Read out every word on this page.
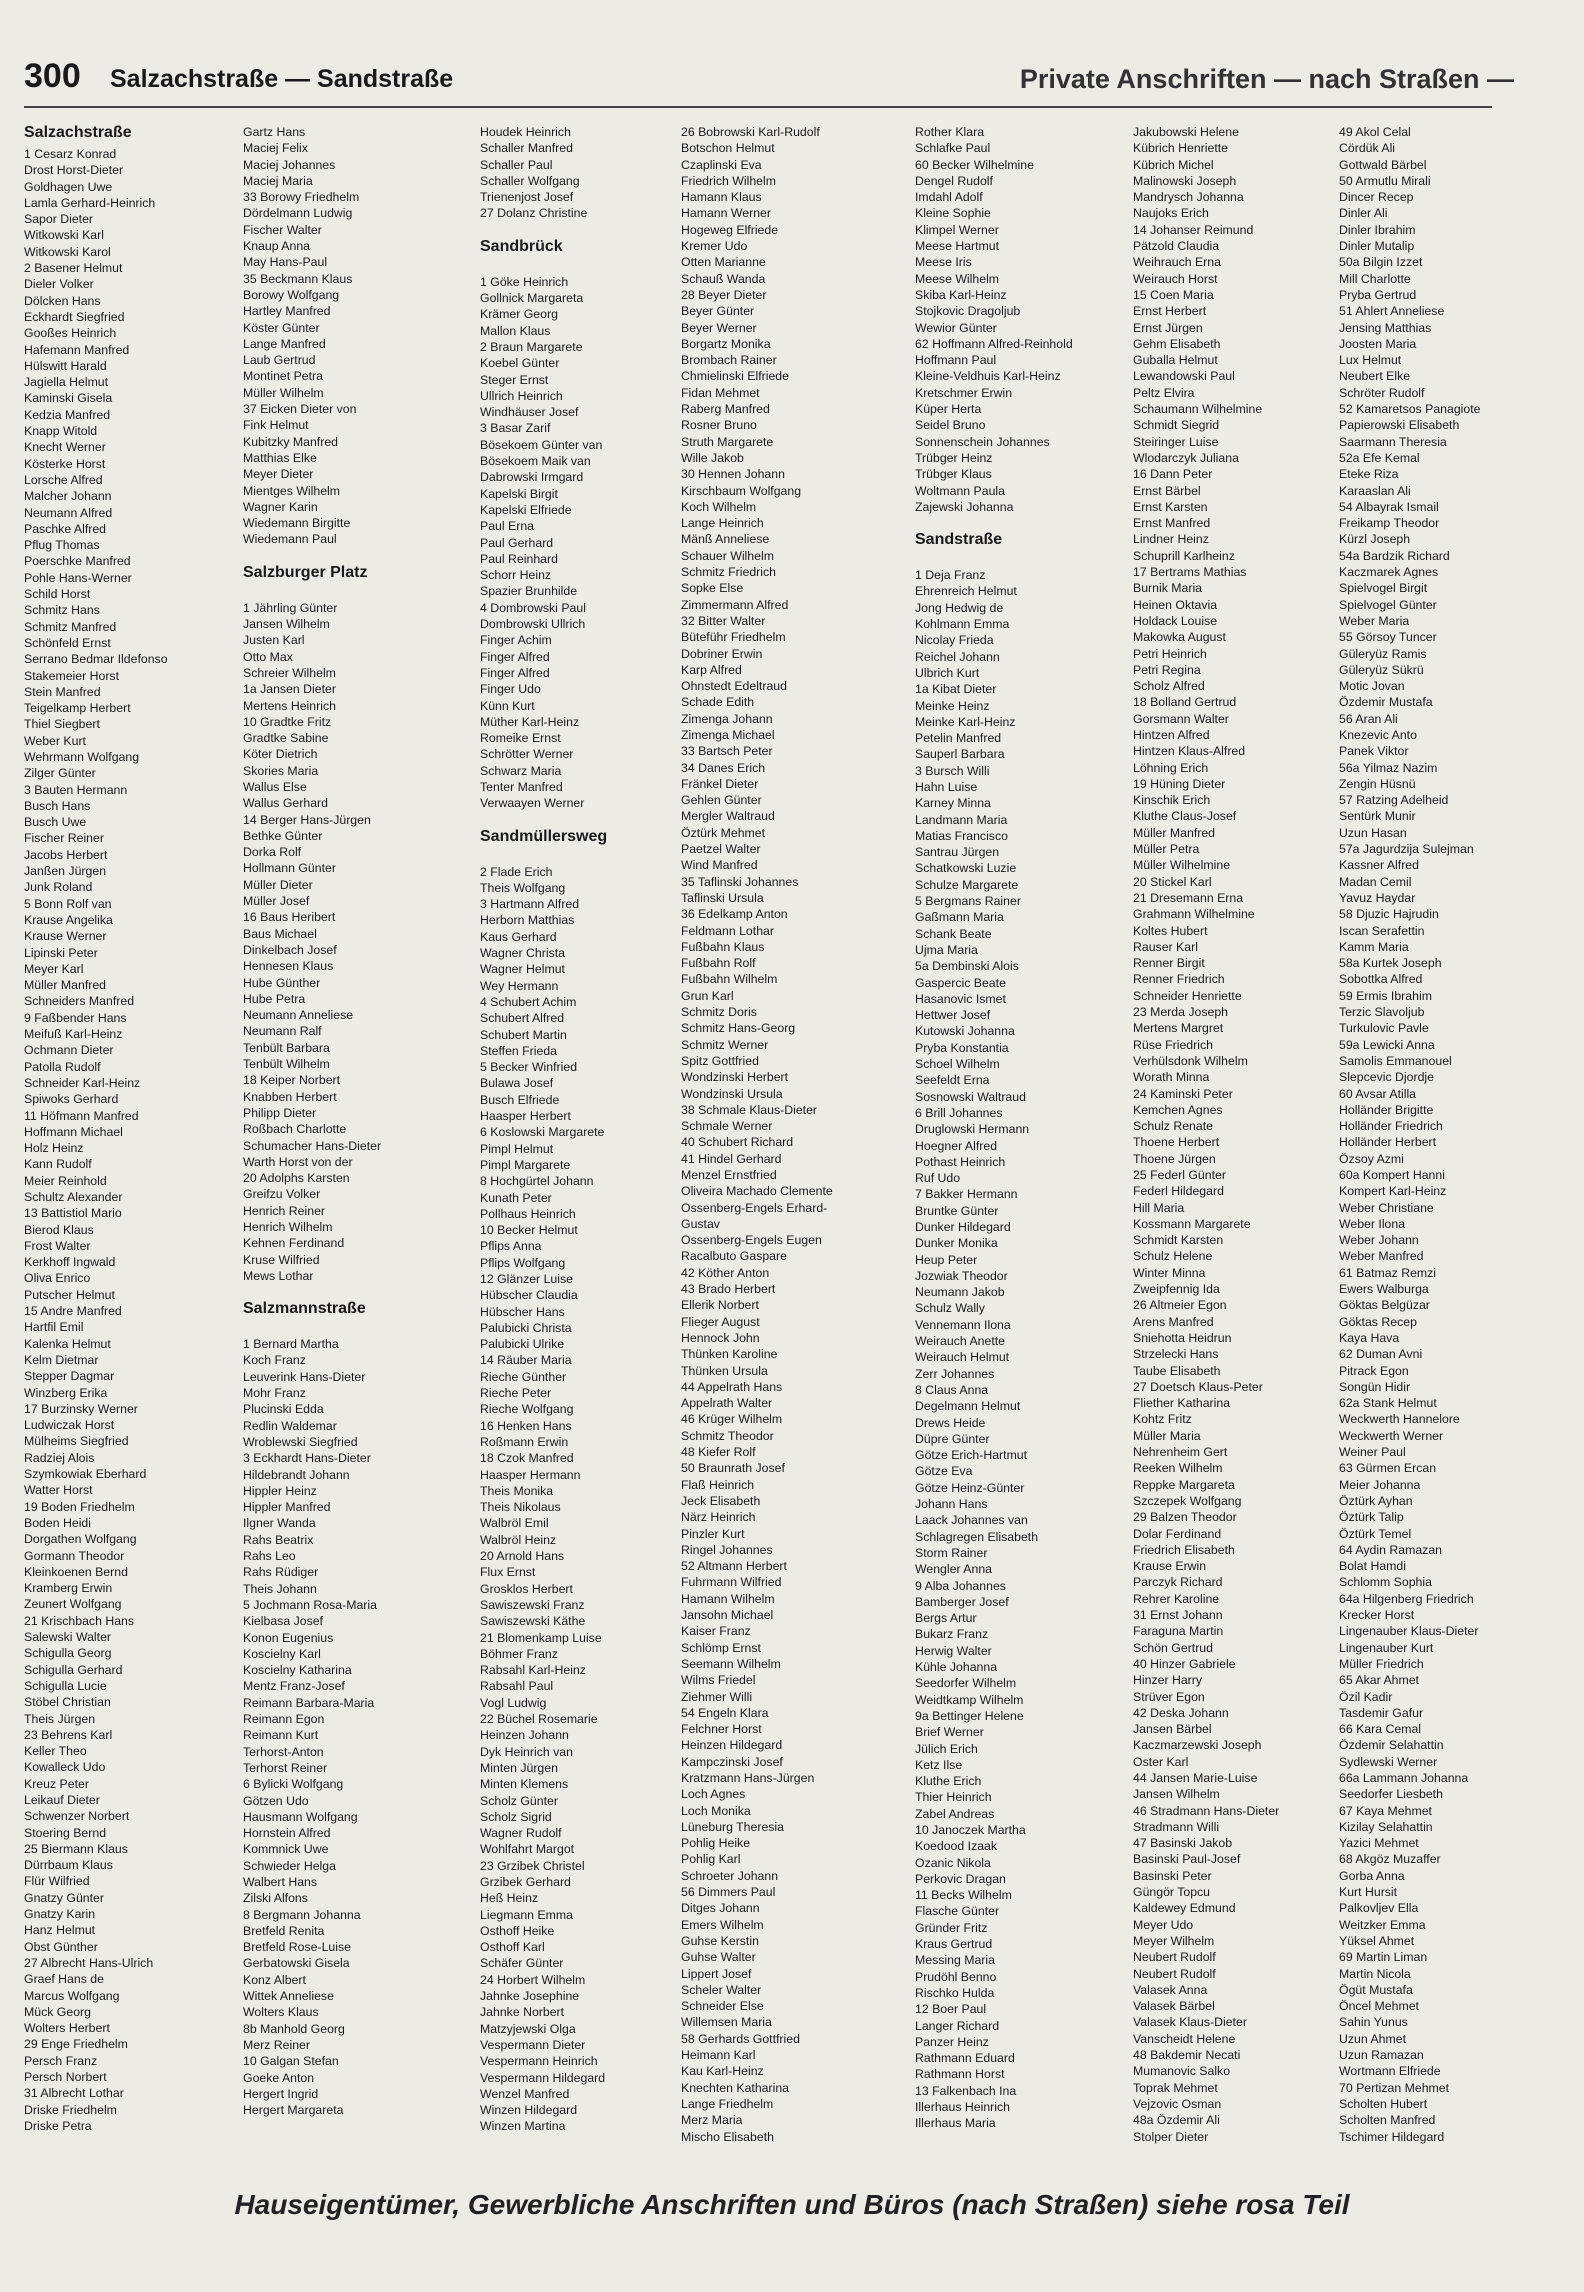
300 Salzachstraße — Sandstraße	Private Anschriften — nach Straßen —
Salzachstraße
1 Cesarz Konrad
Drost Horst-Dieter
Goldhagen Uwe
Lamla Gerhard-Heinrich
Sapor Dieter
Witkowski Karl
Witkowski Karol
2 Basener Helmut
Dieler Volker
Dölcken Hans
Eckhardt Siegfried
Gooßes Heinrich
Hafemann Manfred
Hülswitt Harald
Jagiella Helmut
Kaminski Gisela
Kedzia Manfred
Knapp Witold
Knecht Werner
Kösterke Horst
Lorsche Alfred
Malcher Johann
Neumann Alfred
Paschke Alfred
Pflug Thomas
Poerschke Manfred
Pohle Hans-Werner
Schild Horst
Schmitz Hans
Schmitz Manfred
Schönfeld Ernst
Serrano Bedmar Ildefonso
Stakemeier Horst
Stein Manfred
Teigelkamp Herbert
Thiel Siegbert
Weber Kurt
Wehrmann Wolfgang
Zilger Günter
3 Bauten Hermann
Busch Hans
Busch Uwe
Fischer Reiner
Jacobs Herbert
Janßen Jürgen
Junk Roland
5 Bonn Rolf van
Krause Angelika
Krause Werner
Lipinski Peter
Meyer Karl
Müller Manfred
Schneiders Manfred
9 Faßbender Hans
Meifuß Karl-Heinz
Ochmann Dieter
Patolla Rudolf
Schneider Karl-Heinz
Spiwoks Gerhard
11 Höfmann Manfred
Hoffmann Michael
Holz Heinz
Kann Rudolf
Meier Reinhold
Schultz Alexander
13 Battistiol Mario
Bierod Klaus
Frost Walter
Kerkhoff Ingwald
Oliva Enrico
Putscher Helmut
15 Andre Manfred
Hartfil Emil
Kalenka Helmut
Kelm Dietmar
Stepper Dagmar
Winzberg Erika
17 Burzinsky Werner
Ludwiczak Horst
Mülheims Siegfried
Radziej Alois
Szymkowiak Eberhard
Watter Horst
19 Boden Friedhelm
Boden Heidi
Dorgathen Wolfgang
Gormann Theodor
Kleinkoenen Bernd
Kramberg Erwin
Zeunert Wolfgang
21 Krischbach Hans
Salewski Walter
Schigulla Georg
Schigulla Gerhard
Schigulla Lucie
Stöbel Christian
Theis Jürgen
23 Behrens Karl
Keller Theo
Kowalleck Udo
Kreuz Peter
Leikauf Dieter
Schwenzer Norbert
Stoering Bernd
25 Biermann Klaus
Dürrbaum Klaus
Flür Wilfried
Gnatzy Günter
Gnatzy Karin
Hanz Helmut
Obst Günther
27 Albrecht Hans-Ulrich
Graef Hans de
Marcus Wolfgang
Mück Georg
Wolters Herbert
29 Enge Friedhelm
Persch Franz
Persch Norbert
31 Albrecht Lothar
Driske Friedhelm
Driske Petra
Gartz Hans
Maciej Felix
Maciej Johannes
Maciej Maria
33 Borowy Friedhelm
Dördelmann Ludwig
Fischer Walter
Knaup Anna
May Hans-Paul
35 Beckmann Klaus
Borowy Wolfgang
Hartley Manfred
Köster Günter
Lange Manfred
Laub Gertrud
Montinet Petra
Müller Wilhelm
37 Eicken Dieter von
Fink Helmut
Kubitzky Manfred
Matthias Elke
Meyer Dieter
Mientges Wilhelm
Wagner Karin
Wiedemann Birgitte
Wiedemann Paul
Salzburger Platz
1 Jährling Günter
Jansen Wilhelm
Justen Karl
Otto Max
Schreier Wilhelm
1a Jansen Dieter
Mertens Heinrich
10 Gradtke Fritz
Gradtke Sabine
Köter Dietrich
Skories Maria
Wallus Else
Wallus Gerhard
14 Berger Hans-Jürgen
Bethke Günter
Dorka Rolf
Hollmann Günter
Müller Dieter
Müller Josef
16 Baus Heribert
Baus Michael
Dinkelbach Josef
Hennesen Klaus
Hube Günther
Hube Petra
Neumann Anneliese
Neumann Ralf
Tenbült Barbara
Tenbült Wilhelm
18 Keiper Norbert
Knabben Herbert
Philipp Dieter
Roßbach Charlotte
Schumacher Hans-Dieter
Warth Horst von der
20 Adolphs Karsten
Greifzu Volker
Henrich Reiner
Henrich Wilhelm
Kehnen Ferdinand
Kruse Wilfried
Mews Lothar
Salzmannstraße
1 Bernard Martha
Koch Franz
Leuverink Hans-Dieter
Mohr Franz
Plucinski Edda
Redlin Waldemar
Wroblewski Siegfried
3 Eckhardt Hans-Dieter
Hildebrandt Johann
Hippler Heinz
Hippler Manfred
Ilgner Wanda
Rahs Beatrix
Rahs Leo
Rahs Rüdiger
Theis Johann
5 Jochmann Rosa-Maria
Kielbasa Josef
Konon Eugenius
Koscielny Karl
Koscielny Katharina
Mentz Franz-Josef
Reimann Barbara-Maria
Reimann Egon
Reimann Kurt
Terhorst-Anton
Terhorst Reiner
6 Bylicki Wolfgang
Götzen Udo
Hausmann Wolfgang
Hornstein Alfred
Kommnick Uwe
Schwieder Helga
Walbert Hans
Zilski Alfons
8 Bergmann Johanna
Bretfeld Renita
Bretfeld Rose-Luise
Gerbatowski Gisela
Konz Albert
Wittek Anneliese
Wolters Klaus
8b Manhold Georg
Merz Reiner
10 Galgan Stefan
Goeke Anton
Hergert Ingrid
Hergert Margareta
Houdek Heinrich
Schaller Manfred
Schaller Paul
Schaller Wolfgang
Trienenjost Josef
27 Dolanz Christine
Sandbrück
1 Göke Heinrich
Gollnick Margareta
Krämer Georg
Mallon Klaus
2 Braun Margarete
Koebel Günter
Steger Ernst
Ullrich Heinrich
Windhäuser Josef
3 Basar Zarif
Bösekoem Günter van
Bösekoem Maik van
Dabrowski Irmgard
Kapelski Birgit
Kapelski Elfriede
Paul Erna
Paul Gerhard
Paul Reinhard
Schorr Heinz
Spazier Brunhilde
4 Dombrowski Paul
Dombrowski Ullrich
Finger Achim
Finger Alfred
Finger Alfred
Finger Udo
Künn Kurt
Müther Karl-Heinz
Romeike Ernst
Schrötter Werner
Schwarz Maria
Tenter Manfred
Verwaayen Werner
Sandmüllersweg
2 Flade Erich
Theis Wolfgang
3 Hartmann Alfred
Herborn Matthias
Kaus Gerhard
Wagner Christa
Wagner Helmut
Wey Hermann
4 Schubert Achim
Schubert Alfred
Schubert Martin
Steffen Frieda
5 Becker Winfried
Bulawa Josef
Busch Elfriede
Haasper Herbert
6 Koslowski Margarete
Pimpl Helmut
Pimpl Margarete
8 Hochgürtel Johann
Kunath Peter
Pollhaus Heinrich
10 Becker Helmut
Pflips Anna
Pflips Wolfgang
12 Glänzer Luise
Hübscher Claudia
Hübscher Hans
Palubicki Christa
Palubicki Ulrike
14 Räuber Maria
Rieche Günther
Rieche Peter
Rieche Wolfgang
16 Henken Hans
Roßmann Erwin
18 Czok Manfred
Haasper Hermann
Theis Monika
Theis Nikolaus
Walbröl Emil
Walbröl Heinz
20 Arnold Hans
Flux Ernst
Grosklos Herbert
Sawiszewski Franz
Sawiszewski Käthe
21 Blomenkamp Luise
Böhmer Franz
Rabsahl Karl-Heinz
Rabsahl Paul
Vogl Ludwig
22 Büchel Rosemarie
Heinzen Johann
Dyk Heinrich van
Minten Jürgen
Minten Klemens
Scholz Günter
Scholz Sigrid
Wagner Rudolf
Wohlfahrt Margot
23 Grzibek Christel
Grzibek Gerhard
Heß Heinz
Liegmann Emma
Osthoff Heike
Osthoff Karl
Schäfer Günter
24 Horbert Wilhelm
Jahnke Josephine
Jahnke Norbert
Matzyjewski Olga
Vespermann Dieter
Vespermann Heinrich
Vespermann Hildegard
Wenzel Manfred
Winzen Hildegard
Winzen Martina
26 Bobrowski Karl-Rudolf
Botschon Helmut
Czaplinski Eva
Friedrich Wilhelm
Hamann Klaus
Hamann Werner
Hogeweg Elfriede
Kremer Udo
Otten Marianne
Schauß Wanda
28 Beyer Dieter
Beyer Günter
Beyer Werner
Borgartz Monika
Brombach Rainer
Chmielinski Elfriede
Fidan Mehmet
Raberg Manfred
Rosner Bruno
Struth Margarete
Wille Jakob
30 Hennen Johann
Kirschbaum Wolfgang
Koch Wilhelm
Lange Heinrich
Mänß Anneliese
Schauer Wilhelm
Schmitz Friedrich
Sopke Else
Zimmermann Alfred
32 Bitter Walter
Büteführ Friedhelm
Dobriner Erwin
Karp Alfred
Ohnstedt Edeltraud
Schade Edith
Zimenga Johann
Zimenga Michael
33 Bartsch Peter
34 Danes Erich
Fränkel Dieter
Gehlen Günter
Mergler Waltraud
Öztürk Mehmet
Paetzel Walter
Wind Manfred
35 Taflinski Johannes
Taflinski Ursula
36 Edelkamp Anton
Feldmann Lothar
Fußbahn Klaus
Fußbahn Rolf
Fußbahn Wilhelm
Grun Karl
Schmitz Doris
Schmitz Hans-Georg
Schmitz Werner
Spitz Gottfried
Wondzinski Herbert
Wondzinski Ursula
38 Schmale Klaus-Dieter
Schmale Werner
40 Schubert Richard
41 Hindel Gerhard
Menzel Ernstfried
Oliveira Machado Clemente
Ossenberg-Engels Erhard-
Gustav
Ossenberg-Engels Eugen
Racalbuto Gaspare
42 Köther Anton
43 Brado Herbert
Ellerik Norbert
Flieger August
Hennock John
Thünken Karoline
Thünken Ursula
44 Appelrath Hans
Appelrath Walter
46 Krüger Wilhelm
Schmitz Theodor
48 Kiefer Rolf
50 Braunrath Josef
Flaß Heinrich
Jeck Elisabeth
Närz Heinrich
Pinzler Kurt
Ringel Johannes
52 Altmann Herbert
Fuhrmann Wilfried
Hamann Wilhelm
Jansohn Michael
Kaiser Franz
Schlömp Ernst
Seemann Wilhelm
Wilms Friedel
Ziehmer Willi
54 Engeln Klara
Felchner Horst
Heinzen Hildegard
Kampczinski Josef
Kratzmann Hans-Jürgen
Loch Agnes
Loch Monika
Lüneburg Theresia
Pohlig Heike
Pohlig Karl
Schroeter Johann
56 Dimmers Paul
Ditges Johann
Emers Wilhelm
Guhse Kerstin
Guhse Walter
Lippert Josef
Scheler Walter
Schneider Else
Willemsen Maria
58 Gerhards Gottfried
Heimann Karl
Kau Karl-Heinz
Knechten Katharina
Lange Friedhelm
Merz Maria
Mischo Elisabeth
Rother Klara
Schlafke Paul
60 Becker Wilhelmine
Dengel Rudolf
Imdahl Adolf
Kleine Sophie
Klimpel Werner
Meese Hartmut
Meese Iris
Meese Wilhelm
Skiba Karl-Heinz
Stojkovic Dragoljub
Wewior Günter
62 Hoffmann Alfred-Reinhold
Hoffmann Paul
Kleine-Veldhuis Karl-Heinz
Kretschmer Erwin
Küper Herta
Seidel Bruno
Sonnenschein Johannes
Trübger Heinz
Trübger Klaus
Woltmann Paula
Zajewski Johanna
Sandstraße
1 Deja Franz
Ehrenreich Helmut
Jong Hedwig de
Kohlmann Emma
Nicolay Frieda
Reichel Johann
Ulbrich Kurt
1a Kibat Dieter
Meinke Heinz
Meinke Karl-Heinz
Petelin Manfred
Sauperl Barbara
3 Bursch Willi
Hahn Luise
Karney Minna
Landmann Maria
Matias Francisco
Santrau Jürgen
Schatkowski Luzie
Schulze Margarete
5 Bergmans Rainer
Gaßmann Maria
Schank Beate
Ujma Maria
5a Dembinski Alois
Gaspercic Beate
Hasanovic Ismet
Hettwer Josef
Kutowski Johanna
Pryba Konstantia
Schoel Wilhelm
Seefeldt Erna
Sosnowski Waltraud
6 Brill Johannes
Druglowski Hermann
Hoegner Alfred
Pothast Heinrich
Ruf Udo
7 Bakker Hermann
Bruntke Günter
Dunker Hildegard
Dunker Monika
Heup Peter
Jozwiak Theodor
Neumann Jakob
Schulz Wally
Vennemann Ilona
Weirauch Anette
Weirauch Helmut
Zerr Johannes
8 Claus Anna
Degelmann Helmut
Drews Heide
Düpre Günter
Götze Erich-Hartmut
Götze Eva
Götze Heinz-Günter
Johann Hans
Laack Johannes van
Schlagregen Elisabeth
Storm Rainer
Wengler Anna
9 Alba Johannes
Bamberger Josef
Bergs Artur
Bukarz Franz
Herwig Walter
Kühle Johanna
Seedorfer Wilhelm
Weidtkamp Wilhelm
9a Bettinger Helene
Brief Werner
Jülich Erich
Ketz Ilse
Kluthe Erich
Thier Heinrich
Zabel Andreas
10 Janoczek Martha
Koedood Izaak
Ozanic Nikola
Perkovic Dragan
11 Becks Wilhelm
Flasche Günter
Gründer Fritz
Kraus Gertrud
Messing Maria
Prudöhl Benno
Rischko Hulda
12 Boer Paul
Langer Richard
Panzer Heinz
Rathmann Eduard
Rathmann Horst
13 Falkenbach Ina
Illerhaus Heinrich
Illerhaus Maria
Jakubowski Helene
Kübrich Henriette
Kübrich Michel
Malinowski Joseph
Mandrysch Johanna
Naujoks Erich
14 Johanser Reimund
Pätzold Claudia
Weihrauch Erna
Weirauch Horst
15 Coen Maria
Ernst Herbert
Ernst Jürgen
Gehm Elisabeth
Guballa Helmut
Lewandowski Paul
Peltz Elvira
Schaumann Wilhelmine
Schmidt Siegrid
Steiringer Luise
Wlodarczyk Juliana
16 Dann Peter
Ernst Bärbel
Ernst Karsten
Ernst Manfred
Lindner Heinz
Schuprill Karlheinz
17 Bertrams Mathias
Burnik Maria
Heinen Oktavia
Holdack Louise
Makowka August
Petri Heinrich
Petri Regina
Scholz Alfred
18 Bolland Gertrud
Gorsmann Walter
Hintzen Alfred
Hintzen Klaus-Alfred
Löhning Erich
19 Hüning Dieter
Kinschik Erich
Kluthe Claus-Josef
Müller Manfred
Müller Petra
Müller Wilhelmine
20 Stickel Karl
21 Dresemann Erna
Grahmann Wilhelmine
Koltes Hubert
Rauser Karl
Renner Birgit
Renner Friedrich
Schneider Henriette
23 Merda Joseph
Mertens Margret
Rüse Friedrich
Verhülsdonk Wilhelm
Worath Minna
24 Kaminski Peter
Kemchen Agnes
Schulz Renate
Thoene Herbert
Thoene Jürgen
25 Federl Günter
Federl Hildegard
Hill Maria
Kossmann Margarete
Schmidt Karsten
Schulz Helene
Winter Minna
Zweipfennig Ida
26 Altmeier Egon
Arens Manfred
Sniehotta Heidrun
Strzelecki Hans
Taube Elisabeth
27 Doetsch Klaus-Peter
Fliether Katharina
Kohtz Fritz
Müller Maria
Nehrenheim Gert
Reeken Wilhelm
Reppke Margareta
Szczepek Wolfgang
29 Balzen Theodor
Dolar Ferdinand
Friedrich Elisabeth
Krause Erwin
Parczyk Richard
Rehrer Karoline
31 Ernst Johann
Faraguna Martin
Schön Gertrud
40 Hinzer Gabriele
Hinzer Harry
Strüver Egon
42 Deska Johann
Jansen Bärbel
Kaczmarzewski Joseph
Oster Karl
44 Jansen Marie-Luise
Jansen Wilhelm
46 Stradmann Hans-Dieter
Stradmann Willi
47 Basinski Jakob
Basinski Paul-Josef
Basinski Peter
Güngör Topcu
Kaldewey Edmund
Meyer Udo
Meyer Wilhelm
Neubert Rudolf
Neubert Rudolf
Valasek Anna
Valasek Bärbel
Valasek Klaus-Dieter
Vanscheidt Helene
48 Bakdemir Necati
Mumanovic Salko
Toprak Mehmet
Vejzovic Osman
48a Özdemir Ali
Stolper Dieter
49 Akol Celal
Cördük Ali
Gottwald Bärbel
50 Armutlu Mirali
Dincer Recep
Dinler Ali
Dinler Ibrahim
Dinler Mutalip
50a Bilgin Izzet
Mill Charlotte
Pryba Gertrud
51 Ahlert Anneliese
Jensing Matthias
Joosten Maria
Lux Helmut
Neubert Elke
Schröter Rudolf
52 Kamaretsos Panagiote
Papierowski Elisabeth
Saarmann Theresia
52a Efe Kemal
Eteke Riza
Karaaslan Ali
54 Albayrak Ismail
Freikamp Theodor
Kürzl Joseph
54a Bardzik Richard
Kaczmarek Agnes
Spielvogel Birgit
Spielvogel Günter
Weber Maria
55 Görsoy Tuncer
Güleryüz Ramis
Güleryüz Sükrü
Motic Jovan
Özdemir Mustafa
56 Aran Ali
Knezevic Anto
Panek Viktor
56a Yilmaz Nazim
Zengin Hüsnü
57 Ratzing Adelheid
Sentürk Munir
Uzun Hasan
57a Jagurdzija Sulejman
Kassner Alfred
Madan Cemil
Yavuz Haydar
58 Djuzic Hajrudin
Iscan Serafettin
Kamm Maria
58a Kurtek Joseph
Sobottka Alfred
59 Ermis Ibrahim
Terzic Slavoljub
Turkulovic Pavle
59a Lewicki Anna
Samolis Emmanouel
Slepcevic Djordje
60 Avsar Atilla
Holländer Brigitte
Holländer Friedrich
Holländer Herbert
Özsoy Azmi
60a Kompert Hanni
Kompert Karl-Heinz
Weber Christiane
Weber Ilona
Weber Johann
Weber Manfred
61 Batmaz Remzi
Ewers Walburga
Göktas Belgüzar
Göktas Recep
Kaya Hava
62 Duman Avni
Pitrack Egon
Songün Hidir
62a Stank Helmut
Weckwerth Hannelore
Weckwerth Werner
Weiner Paul
63 Gürmen Ercan
Meier Johanna
Öztürk Ayhan
Öztürk Talip
Öztürk Temel
64 Aydin Ramazan
Bolat Hamdi
Schlomm Sophia
64a Hilgenberg Friedrich
Krecker Horst
Lingenauber Klaus-Dieter
Lingenauber Kurt
Müller Friedrich
65 Akar Ahmet
Özil Kadir
Tasdemir Gafur
66 Kara Cemal
Özdemir Selahattin
Sydlewski Werner
66a Lammann Johanna
Seedorfer Liesbeth
67 Kaya Mehmet
Kizilay Selahattin
Yazici Mehmet
68 Akgöz Muzaffer
Gorba Anna
Kurt Hursit
Palkovljev Ella
Weitzker Emma
Yüksel Ahmet
69 Martin Liman
Martin Nicola
Ögüt Mustafa
Öncel Mehmet
Sahin Yunus
Uzun Ahmet
Uzun Ramazan
Wortmann Elfriede
70 Pertizan Mehmet
Scholten Hubert
Scholten Manfred
Tschimer Hildegard
Hauseigentümer, Gewerbliche Anschriften und Büros (nach Straßen) siehe rosa Teil
